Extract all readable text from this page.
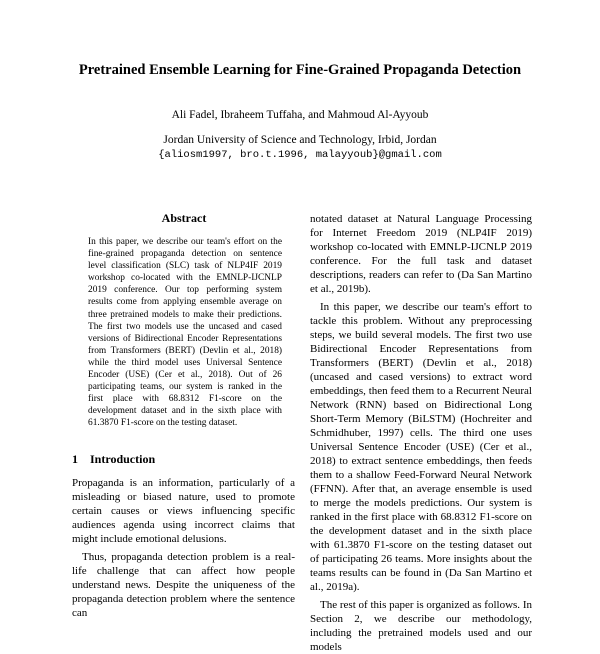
Pretrained Ensemble Learning for Fine-Grained Propaganda Detection
Ali Fadel, Ibraheem Tuffaha, and Mahmoud Al-Ayyoub
Jordan University of Science and Technology, Irbid, Jordan
{aliosm1997, bro.t.1996, malayyoub}@gmail.com
Abstract
In this paper, we describe our team's effort on the fine-grained propaganda detection on sentence level classification (SLC) task of NLP4IF 2019 workshop co-located with the EMNLP-IJCNLP 2019 conference. Our top performing system results come from applying ensemble average on three pretrained models to make their predictions. The first two models use the uncased and cased versions of Bidirectional Encoder Representations from Transformers (BERT) (Devlin et al., 2018) while the third model uses Universal Sentence Encoder (USE) (Cer et al., 2018). Out of 26 participating teams, our system is ranked in the first place with 68.8312 F1-score on the development dataset and in the sixth place with 61.3870 F1-score on the testing dataset.
1 Introduction

Propaganda is an information, particularly of a misleading or biased nature, used to promote certain causes or views influencing specific audiences agenda using incorrect claims that might include emotional delusions.

Thus, propaganda detection problem is a real-life challenge that can affect how people understand news. Despite the uniqueness of the propaganda detection problem where the sentence can

notated dataset at Natural Language Processing for Internet Freedom 2019 (NLP4IF 2019) workshop co-located with EMNLP-IJCNLP 2019 conference. For the full task and dataset descriptions, readers can refer to (Da San Martino et al., 2019b).

In this paper, we describe our team's effort to tackle this problem. Without any preprocessing steps, we build several models. The first two use Bidirectional Encoder Representations from Transformers (BERT) (Devlin et al., 2018) (uncased and cased versions) to extract word embeddings, then feed them to a Recurrent Neural Network (RNN) based on Bidirectional Long Short-Term Memory (BiLSTM) (Hochreiter and Schmidhuber, 1997) cells. The third one uses Universal Sentence Encoder (USE) (Cer et al., 2018) to extract sentence embeddings, then feeds them to a shallow Feed-Forward Neural Network (FFNN). After that, an average ensemble is used to merge the models predictions. Our system is ranked in the first place with 68.8312 F1-score on the development dataset and in the sixth place with 61.3870 F1-score on the testing dataset out of participating 26 teams. More insights about the teams results can be found in (Da San Martino et al., 2019a).

The rest of this paper is organized as follows. In Section 2, we describe our methodology, including the pretrained models used and our models
